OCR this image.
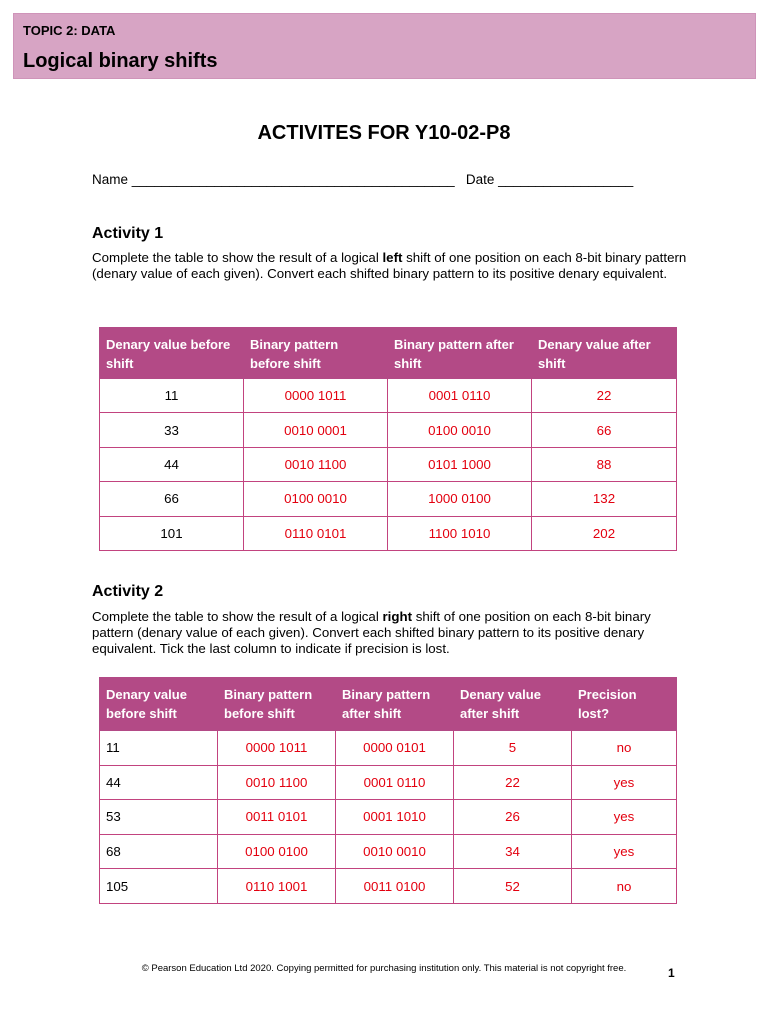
TOPIC 2: DATA
Logical binary shifts
ACTIVITES FOR Y10-02-P8
Name ___________________________________________   Date __________________
Activity 1
Complete the table to show the result of a logical left shift of one position on each 8-bit binary pattern (denary value of each given). Convert each shifted binary pattern to its positive denary equivalent.
Denary value before shift	Binary pattern before shift	Binary pattern after shift	Denary value after shift
11	0000 1011	0001 0110	22
33	0010 0001	0100 0010	66
44	0010 1100	0101 1000	88
66	0100 0010	1000 0100	132
101	0110 0101	1100 1010	202
Activity 2
Complete the table to show the result of a logical right shift of one position on each 8-bit binary pattern (denary value of each given). Convert each shifted binary pattern to its positive denary equivalent. Tick the last column to indicate if precision is lost.
Denary value before shift	Binary pattern before shift	Binary pattern after shift	Denary value after shift	Precision lost?
11	0000 1011	0000 0101	5	no
44	0010 1100	0001 0110	22	yes
53	0011 0101	0001 1010	26	yes
68	0100 0100	0010 0010	34	yes
105	0110 1001	0011 0100	52	no
© Pearson Education Ltd 2020. Copying permitted for purchasing institution only. This material is not copyright free.	1
